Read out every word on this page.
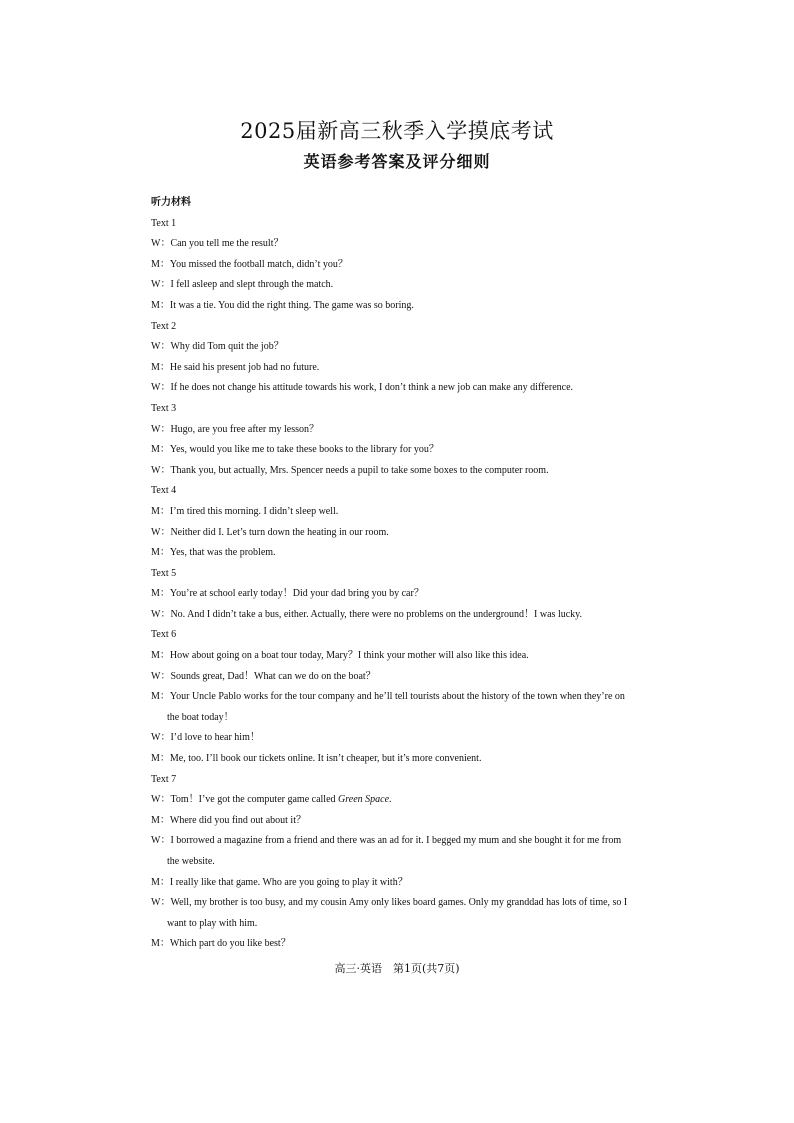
2025届新高三秋季入学摸底考试
英语参考答案及评分细则
听力材料
Text 1
W：Can you tell me the result？
M：You missed the football match, didn’t you？
W：I fell asleep and slept through the match.
M：It was a tie. You did the right thing. The game was so boring.
Text 2
W：Why did Tom quit the job？
M：He said his present job had no future.
W：If he does not change his attitude towards his work, I don’t think a new job can make any difference.
Text 3
W：Hugo, are you free after my lesson？
M：Yes, would you like me to take these books to the library for you？
W：Thank you, but actually, Mrs. Spencer needs a pupil to take some boxes to the computer room.
Text 4
M：I’m tired this morning. I didn’t sleep well.
W：Neither did I. Let’s turn down the heating in our room.
M：Yes, that was the problem.
Text 5
M：You’re at school early today！Did your dad bring you by car？
W：No. And I didn’t take a bus, either. Actually, there were no problems on the underground！I was lucky.
Text 6
M：How about going on a boat tour today, Mary？I think your mother will also like this idea.
W：Sounds great, Dad！What can we do on the boat？
M：Your Uncle Pablo works for the tour company and he’ll tell tourists about the history of the town when they’re on
the boat today！
W：I’d love to hear him！
M：Me, too. I’ll book our tickets online. It isn’t cheaper, but it’s more convenient.
Text 7
W：Tom！I’ve got the computer game called Green Space.
M：Where did you find out about it？
W：I borrowed a magazine from a friend and there was an ad for it. I begged my mum and she bought it for me from
the website.
M：I really like that game. Who are you going to play it with？
W：Well, my brother is too busy, and my cousin Amy only likes board games. Only my granddad has lots of time, so I
want to play with him.
M：Which part do you like best？
高三·英语　第1页(共7页)
